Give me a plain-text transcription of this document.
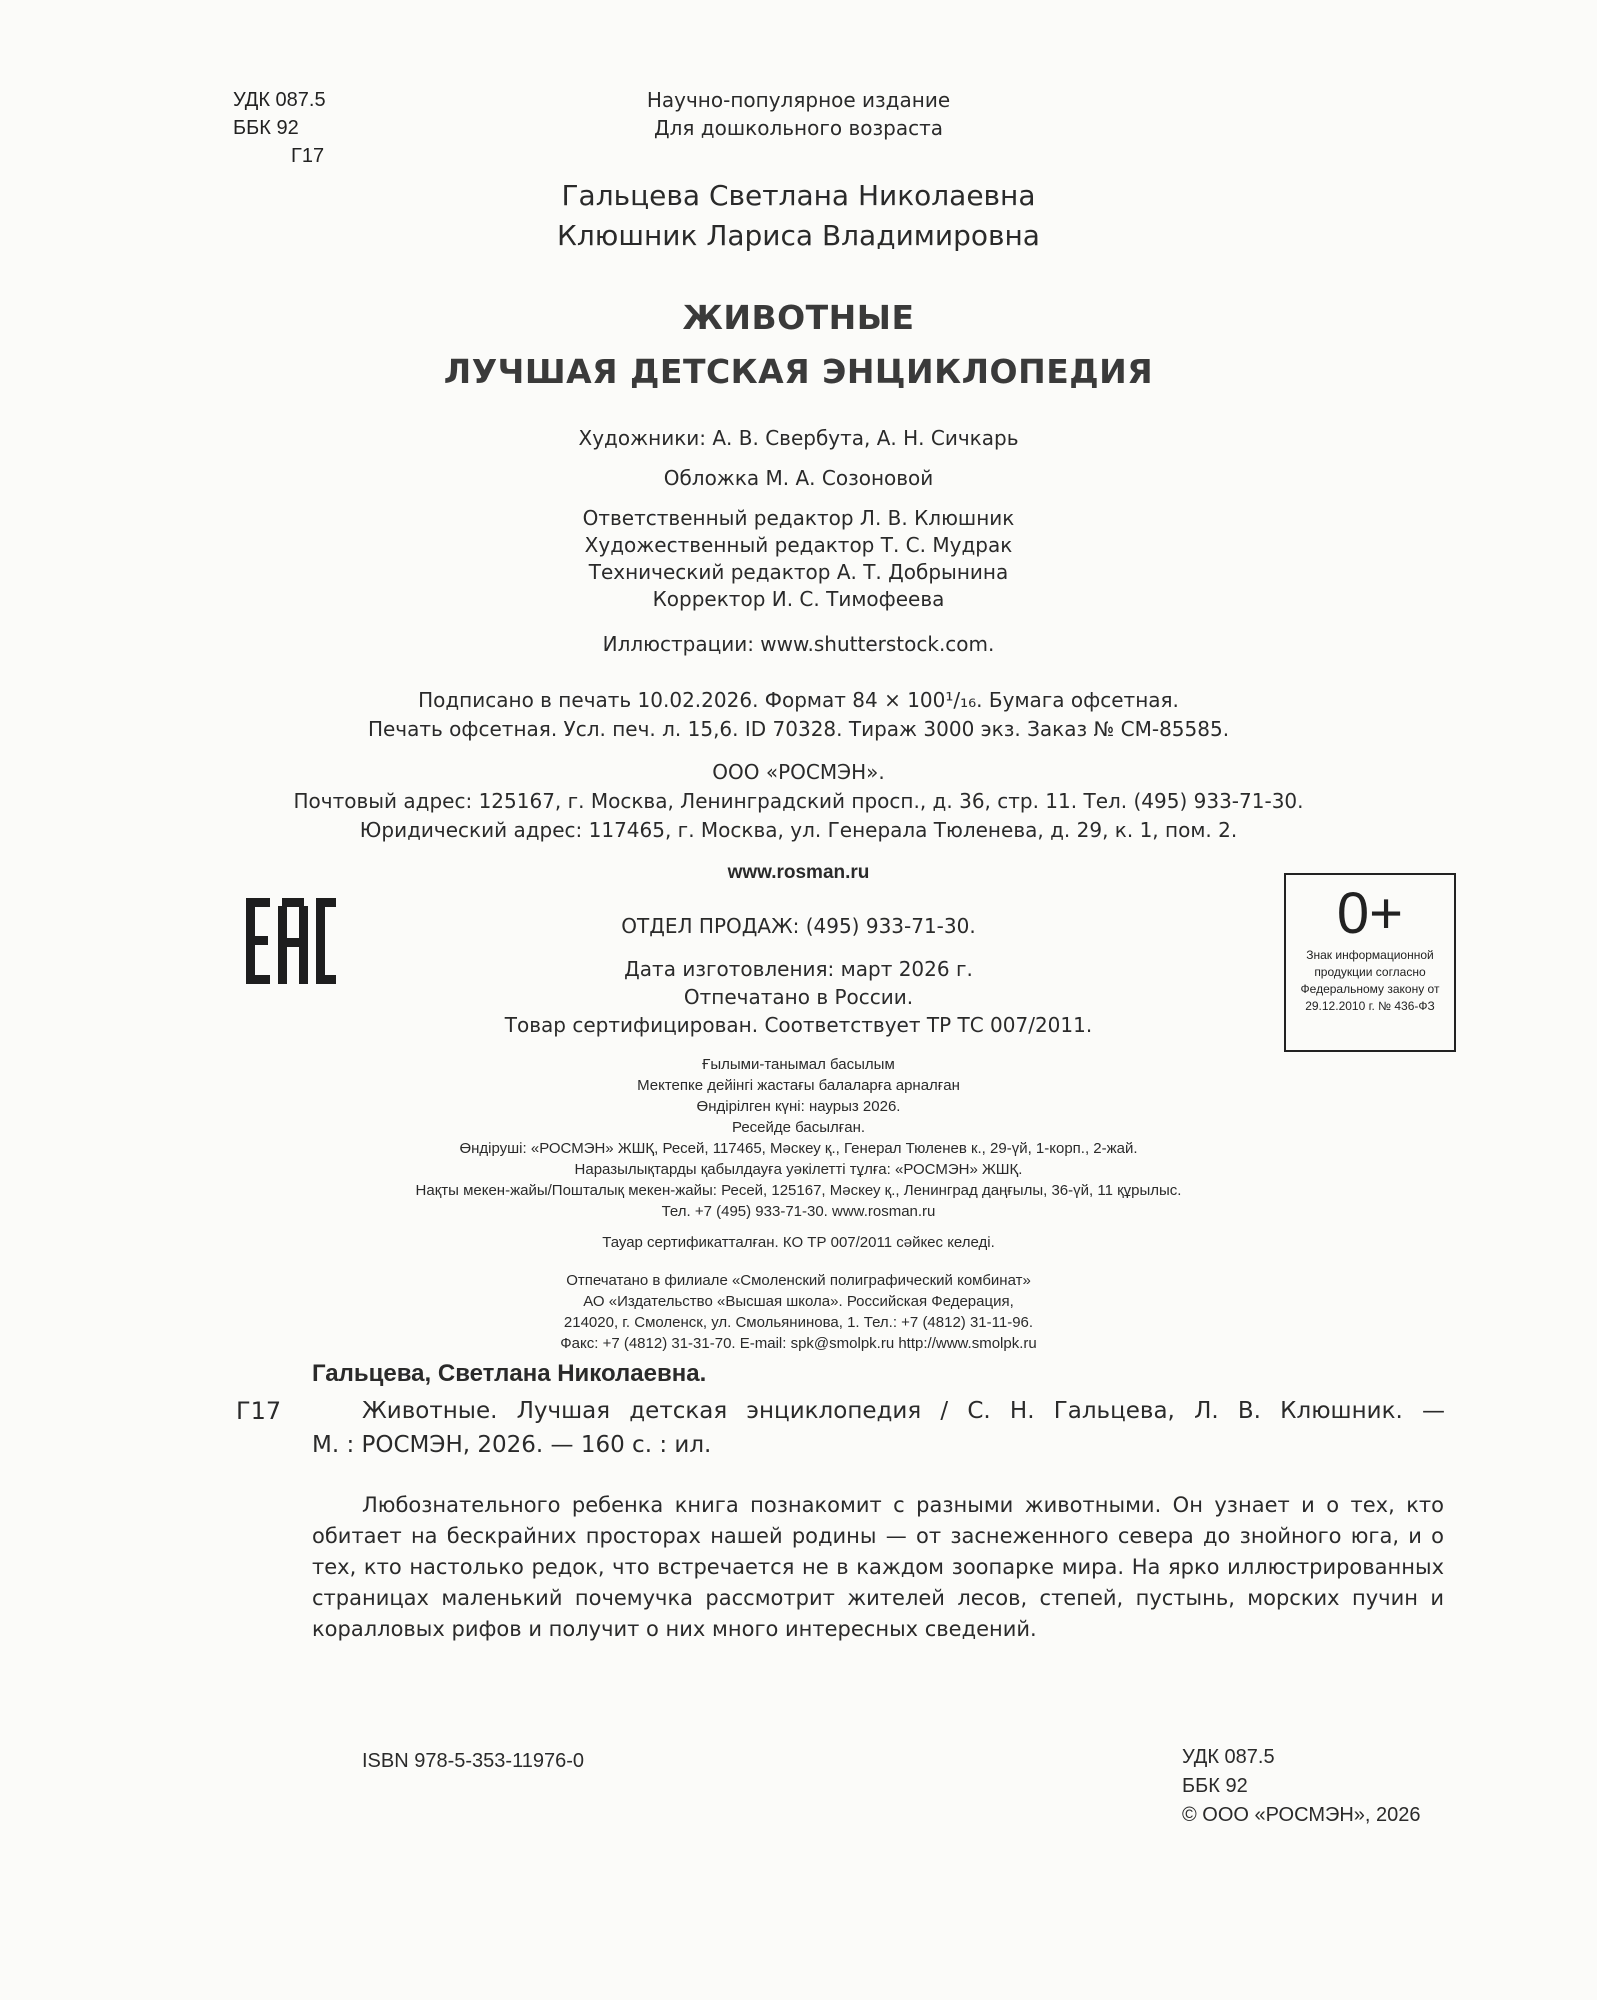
УДК 087.5
ББК 92

Г17
Научно-популярное издание
Для дошкольного возраста
Гальцева Светлана Николаевна
Клюшник Лариса Владимировна
ЖИВОТНЫЕ
ЛУЧШАЯ ДЕТСКАЯ ЭНЦИКЛОПЕДИЯ
Художники: А. В. Свербута, А. Н. Сичкарь
Обложка М. А. Созоновой
Ответственный редактор Л. В. Клюшник
Художественный редактор Т. С. Мудрак
Технический редактор А. Т. Добрынина
Корректор И. С. Тимофеева
Иллюстрации: www.shutterstock.com.
Подписано в печать 10.02.2026. Формат 84 × 100¹/₁₆. Бумага офсетная.
Печать офсетная. Усл. печ. л. 15,6. ID 70328. Тираж 3000 экз. Заказ № СМ-85585.
ООО «РОСМЭН».
Почтовый адрес: 125167, г. Москва, Ленинградский просп., д. 36, стр. 11. Тел. (495) 933-71-30.
Юридический адрес: 117465, г. Москва, ул. Генерала Тюленева, д. 29, к. 1, пом. 2.
www.rosman.ru
ОТДЕЛ ПРОДАЖ: (495) 933-71-30.
Дата изготовления: март 2026 г.
Отпечатано в России.
Товар сертифицирован. Соответствует ТР ТС 007/2011.
0+
Знак информационной продукции согласно Федеральному закону от 29.12.2010 г. № 436-ФЗ
Ғылыми-танымал басылым
Мектепке дейінгі жастағы балаларға арналған
Өндірілген күні: наурыз 2026.
Ресейде басылған.
Өндіруші: «РОСМЭН» ЖШҚ, Ресей, 117465, Мәскеу қ., Генерал Тюленев к., 29-үй, 1-корп., 2-жай.
Наразылықтарды қабылдауға уәкілетті тұлға: «РОСМЭН» ЖШҚ.
Нақты мекен-жайы/Пошталық мекен-жайы: Ресей, 125167, Мәскеу қ., Ленинград даңғылы, 36-үй, 11 құрылыс.
Тел. +7 (495) 933-71-30. www.rosman.ru
Тауар сертификатталған. КО ТР 007/2011 сәйкес келеді.
Отпечатано в филиале «Смоленский полиграфический комбинат»
АО «Издательство «Высшая школа». Российская Федерация,
214020, г. Смоленск, ул. Смольянинова, 1. Тел.: +7 (4812) 31-11-96.
Факс: +7 (4812) 31-31-70. E-mail: spk@smolpk.ru http://www.smolpk.ru
Гальцева, Светлана Николаевна.
Г17	Животные. Лучшая детская энциклопедия / С. Н. Гальцева, Л. В. Клюшник. —
М. : РОСМЭН, 2026. — 160 с. : ил.
Любознательного ребенка книга познакомит с разными животными. Он узнает и о тех, кто обитает на бескрайних просторах нашей родины — от заснеженного севера до знойного юга, и о тех, кто настолько редок, что встречается не в каждом зоопарке мира. На ярко иллюстрированных страницах маленький почемучка рассмотрит жителей лесов, степей, пустынь, морских пучин и коралловых рифов и получит о них много интересных сведений.
ISBN 978-5-353-11976-0	УДК 087.5
ББК 92
© ООО «РОСМЭН», 2026
